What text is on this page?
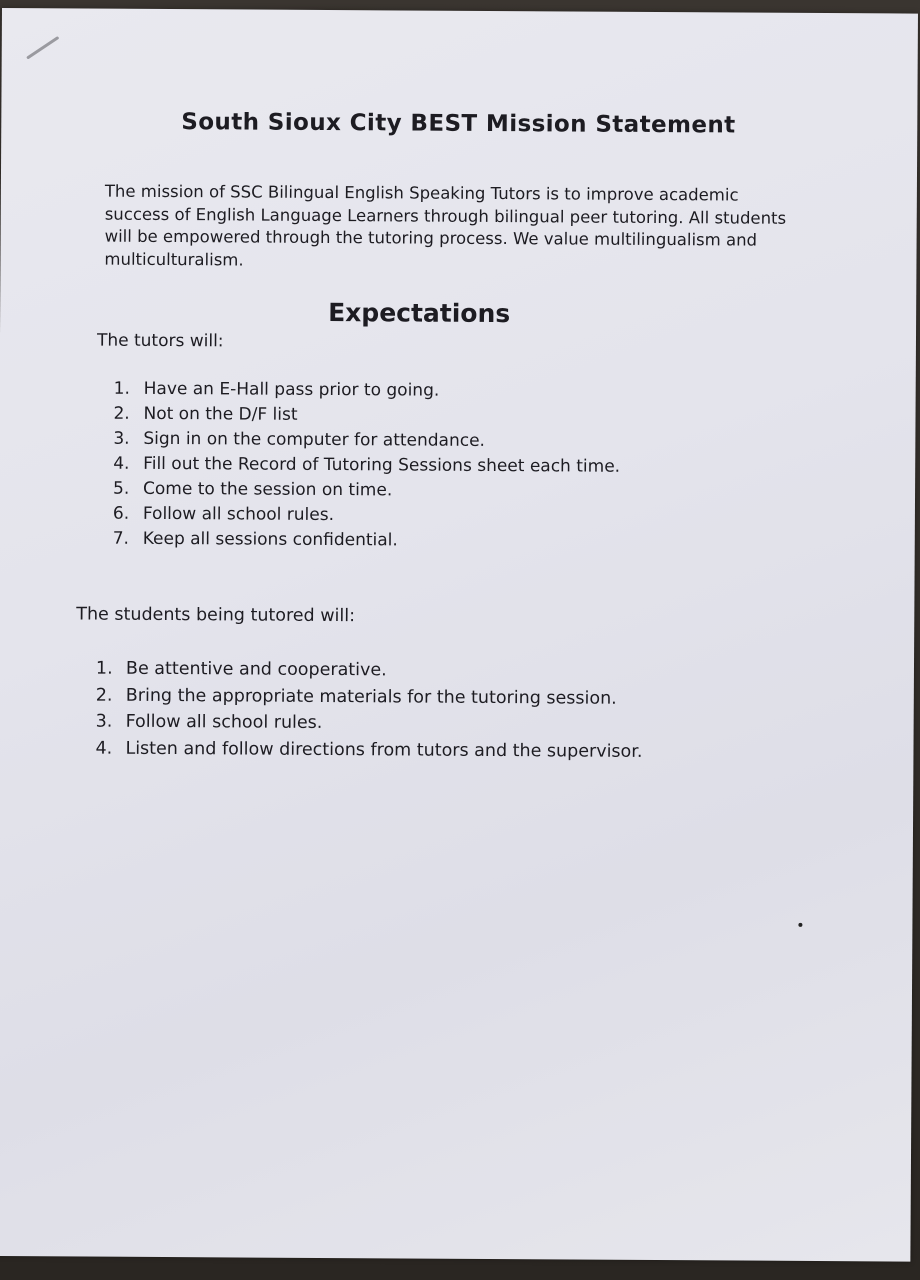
South Sioux City BEST Mission Statement

The mission of SSC Bilingual English Speaking Tutors is to improve academic

success of English Language Learners through bilingual peer tutoring. All students

will be empowered through the tutoring process. We value multilingualism and

multiculturalism.

Expectations
The tutors will:
1. Have an E-Hall pass prior to going.
2. Not on the D/F list
3. Sign in on the computer for attendance.
4. Fill out the Record of Tutoring Sessions sheet each time.
5. Come to the session on time.
6. Follow all school rules.
7. Keep all sessions confidential.
The students being tutored will:
1. Be attentive and cooperative.
2. Bring the appropriate materials for the tutoring session.
3. Follow all school rules.
4. Listen and follow directions from tutors and the supervisor.
